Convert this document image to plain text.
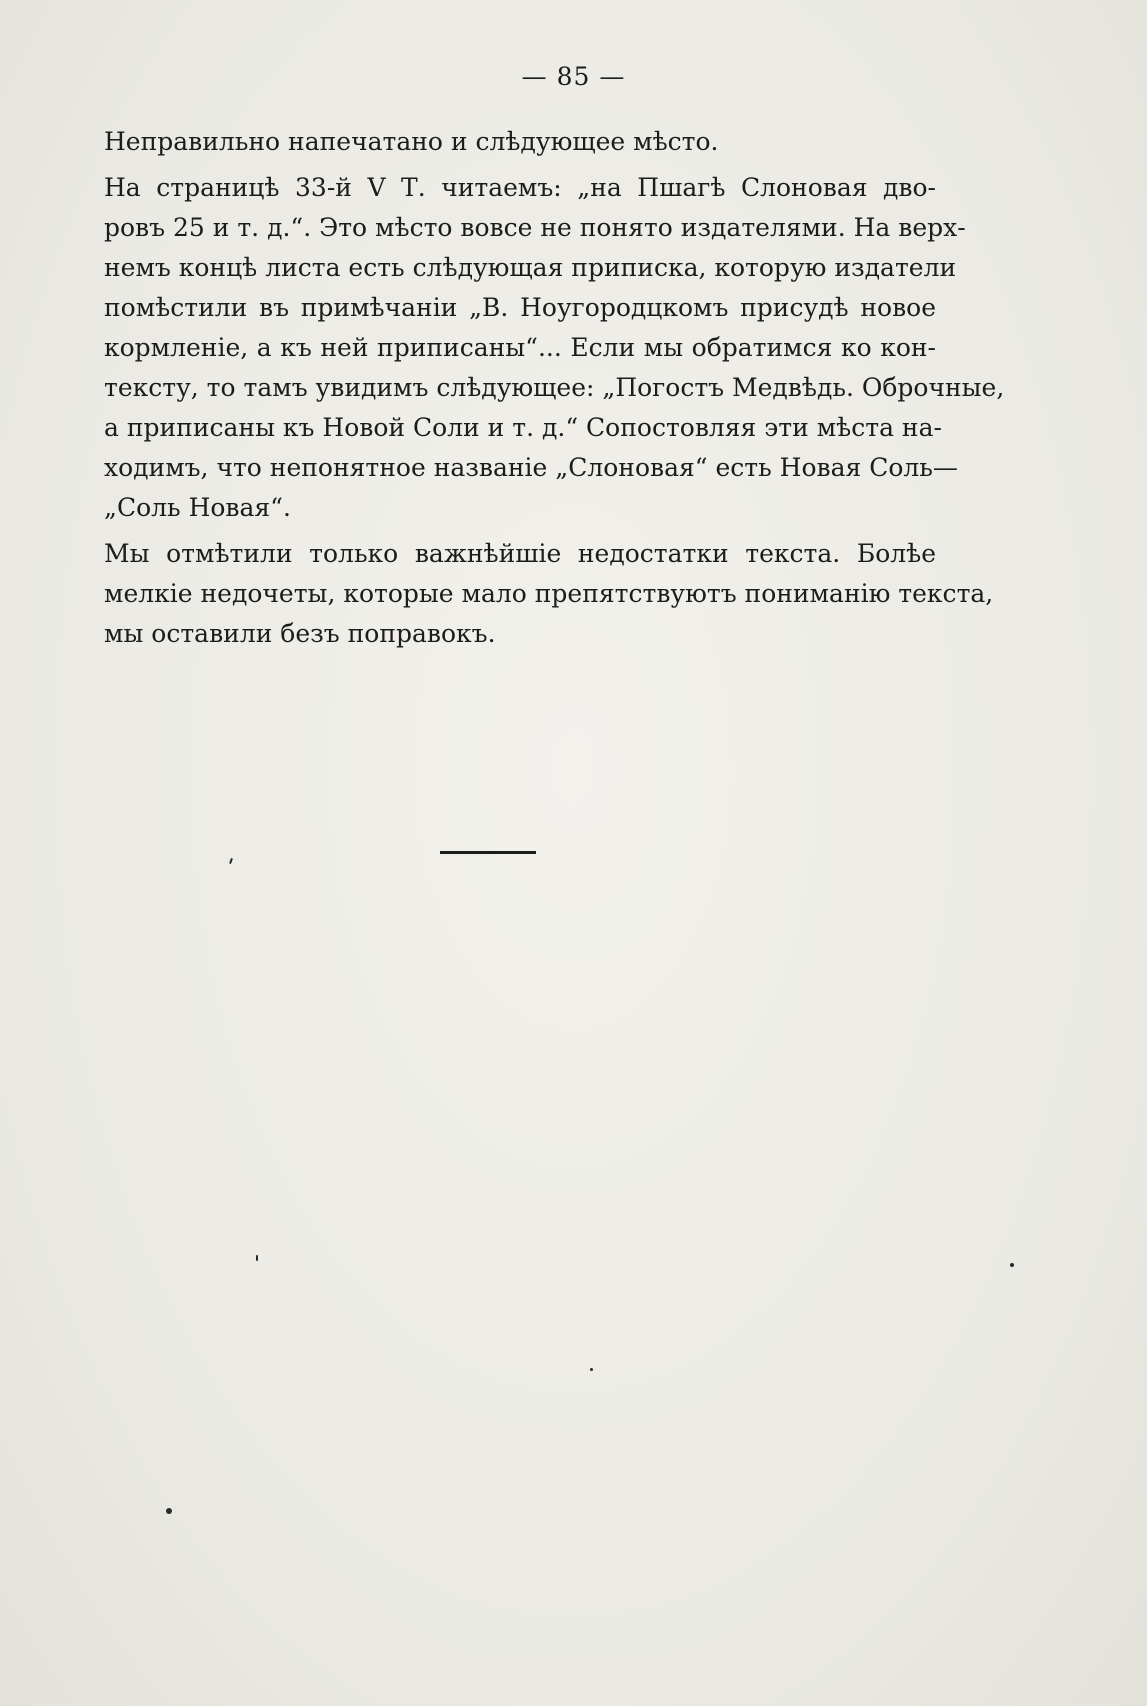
— 85 —
Неправильно напечатано и слѣдующее мѣсто.
На страницѣ 33-й V Т. читаемъ: „на Пшагѣ Слоновая дво-
ровъ 25 и т. д.“. Это мѣсто вовсе не понято издателями. На верх-
немъ концѣ листа есть слѣдующая приписка, которую издатели
помѣстили въ примѣчанiи „В. Ноугородцкомъ присудѣ новое
кормленiе, а къ ней приписаны“... Если мы обратимся ко кон-
тексту, то тамъ увидимъ слѣдующее: „Погостъ Медвѣдь. Оброчные,
а приписаны къ Новой Соли и т. д.“ Сопостовляя эти мѣста на-
ходимъ, что непонятное названiе „Слоновая“ есть Новая Соль—
„Соль Новая“.
Мы отмѣтили только важнѣйшiе недостатки текста. Болѣе
мелкiе недочеты, которые мало препятствуютъ пониманiю текста,
мы оставили безъ поправокъ.
